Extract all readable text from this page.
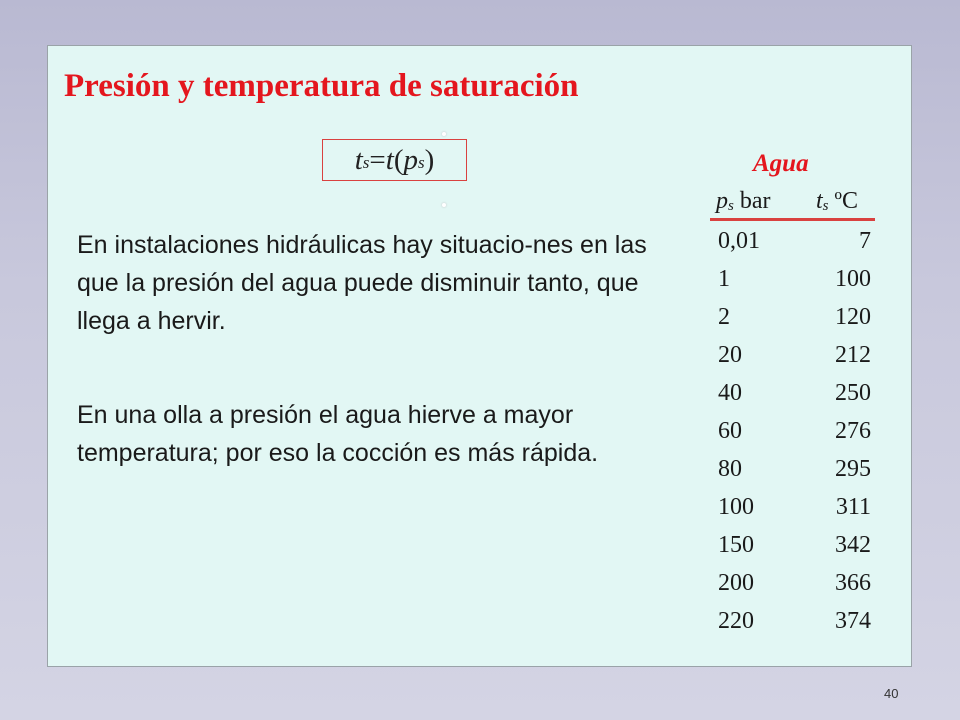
Presión y temperatura de saturación
$t_s = t$ ( $p_s$ )

En instalaciones hidráulicas hay situacio-nes en las que la presión del agua puede disminuir tanto, que llega a hervir.

En una olla a presión el agua hierve a mayor temperatura; por eso la cocción es más rápida.

Agua
$p_s$ bar $t_s$ ºC
0,01	7
1	100
2	120
20	212
40	250
60	276
80	295
100	311
150	342
200	366
220	374
40
